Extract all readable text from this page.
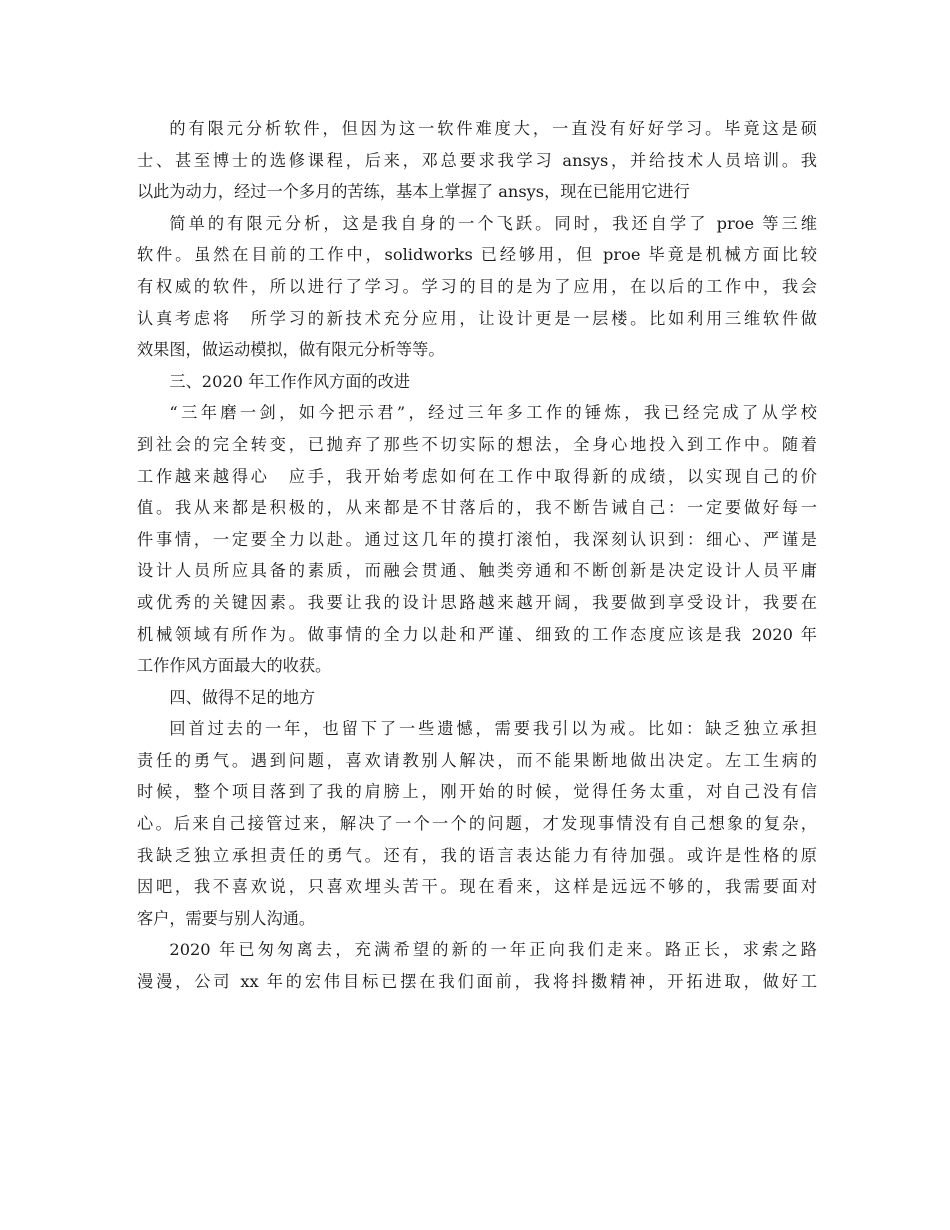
的有限元分析软件，但因为这一软件难度大，一直没有好好学习。毕竟这是硕
士、甚至博士的选修课程，后来，邓总要求我学习 ansys，并给技术人员培训。我
以此为动力，经过一个多月的苦练，基本上掌握了 ansys，现在已能用它进行
简单的有限元分析，这是我自身的一个飞跃。同时，我还自学了 proe 等三维
软件。虽然在目前的工作中，solidworks 已经够用，但 proe 毕竟是机械方面比较
有权威的软件，所以进行了学习。学习的目的是为了应用，在以后的工作中，我会
认真考虑将　所学习的新技术充分应用，让设计更是一层楼。比如利用三维软件做
效果图，做运动模拟，做有限元分析等等。
三、2020 年工作作风方面的改进
“三年磨一剑，如今把示君”，经过三年多工作的锤炼，我已经完成了从学校
到社会的完全转变，已抛弃了那些不切实际的想法，全身心地投入到工作中。随着
工作越来越得心　应手，我开始考虑如何在工作中取得新的成绩，以实现自己的价
值。我从来都是积极的，从来都是不甘落后的，我不断告诫自己：一定要做好每一
件事情，一定要全力以赴。通过这几年的摸打滚怕，我深刻认识到：细心、严谨是
设计人员所应具备的素质，而融会贯通、触类旁通和不断创新是决定设计人员平庸
或优秀的关键因素。我要让我的设计思路越来越开阔，我要做到享受设计，我要在
机械领域有所作为。做事情的全力以赴和严谨、细致的工作态度应该是我 2020 年
工作作风方面最大的收获。
四、做得不足的地方
回首过去的一年，也留下了一些遗憾，需要我引以为戒。比如：缺乏独立承担
责任的勇气。遇到问题，喜欢请教别人解决，而不能果断地做出决定。左工生病的
时候，整个项目落到了我的肩膀上，刚开始的时候，觉得任务太重，对自己没有信
心。后来自己接管过来，解决了一个一个的问题，才发现事情没有自己想象的复杂，
我缺乏独立承担责任的勇气。还有，我的语言表达能力有待加强。或许是性格的原
因吧，我不喜欢说，只喜欢埋头苦干。现在看来，这样是远远不够的，我需要面对
客户，需要与别人沟通。
2020 年已匆匆离去，充满希望的新的一年正向我们走来。路正长，求索之路
漫漫，公司 xx 年的宏伟目标已摆在我们面前，我将抖擞精神，开拓进取，做好工
